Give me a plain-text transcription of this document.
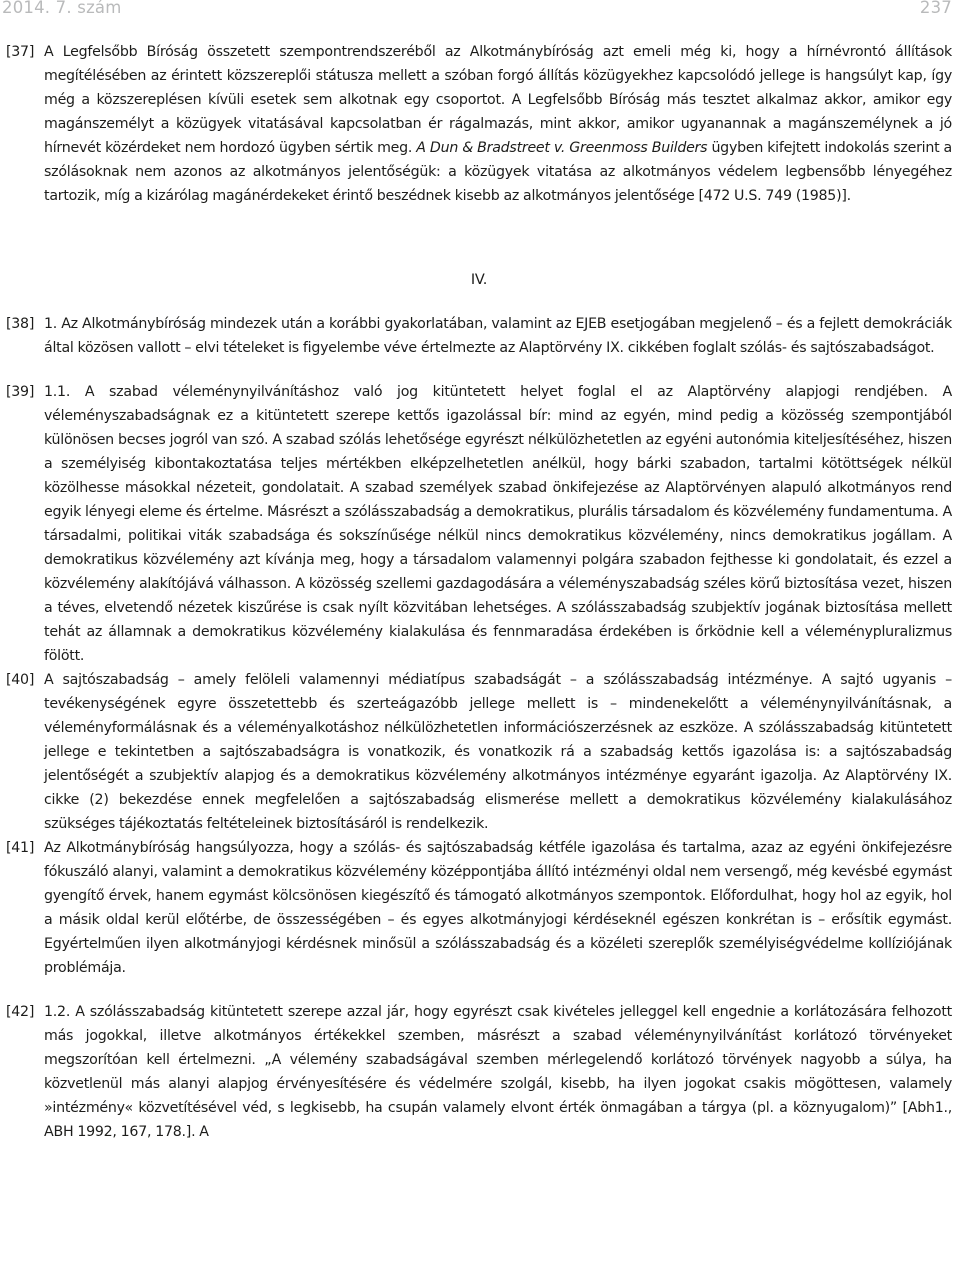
2014. 7. szám	237
[37] A Legfelsőbb Bíróság összetett szempontrendszeréből az Alkotmánybíróság azt emeli még ki, hogy a hírnévrontó állítások megítélésében az érintett közszereplői státusza mellett a szóban forgó állítás közügyekhez kapcsolódó jellege is hangsúlyt kap, így még a közszereplésen kívüli esetek sem alkotnak egy csoportot. A Legfelsőbb Bíróság más tesztet alkalmaz akkor, amikor egy magánszemélyt a közügyek vitatásával kapcsolatban ér rágalmazás, mint akkor, amikor ugyanannak a magánszemélynek a jó hírnevét közérdeket nem hordozó ügyben sértik meg. A Dun & Bradstreet v. Greenmoss Builders ügyben kifejtett indokolás szerint a szólásoknak nem azonos az alkotmányos jelentőségük: a közügyek vitatása az alkotmányos védelem legbensőbb lényegéhez tartozik, míg a kizárólag magánérdekeket érintő beszédnek kisebb az alkotmányos jelentősége [472 U.S. 749 (1985)].
IV.
[38] 1. Az Alkotmánybíróság mindezek után a korábbi gyakorlatában, valamint az EJEB esetjogában megjelenő – és a fejlett demokráciák által közösen vallott – elvi tételeket is figyelembe véve értelmezte az Alaptörvény IX. cikkében foglalt szólás- és sajtószabadságot.
[39] 1.1. A szabad véleménynyilvánításhoz való jog kitüntetett helyet foglal el az Alaptörvény alapjogi rendjében. A véleményszabadságnak ez a kitüntetett szerepe kettős igazolással bír: mind az egyén, mind pedig a közösség szempontjából különösen becses jogról van szó. A szabad szólás lehetősége egyrészt nélkülözhetetlen az egyéni autonómia kiteljesítéséhez, hiszen a személyiség kibontakoztatása teljes mértékben elképzelhetetlen anélkül, hogy bárki szabadon, tartalmi kötöttségek nélkül közölhesse másokkal nézeteit, gondolatait. A szabad személyek szabad önkifejezése az Alaptörvényen alapuló alkotmányos rend egyik lényegi eleme és értelme. Másrészt a szólásszabadság a demokratikus, plurális társadalom és közvélemény fundamentuma. A társadalmi, politikai viták szabadsága és sokszínűsége nélkül nincs demokratikus közvélemény, nincs demokratikus jogállam. A demokratikus közvélemény azt kívánja meg, hogy a társadalom valamennyi polgára szabadon fejthesse ki gondolatait, és ezzel a közvélemény alakítójává válhasson. A közösség szellemi gazdagodására a véleményszabadság széles körű biztosítása vezet, hiszen a téves, elvetendő nézetek kiszűrése is csak nyílt közvitában lehetséges. A szólásszabadság szubjektív jogának biztosítása mellett tehát az államnak a demokratikus közvélemény kialakulása és fennmaradása érdekében is őrködnie kell a véleménypluralizmus fölött.
[40] A sajtószabadság – amely felöleli valamennyi médiatípus szabadságát – a szólásszabadság intézménye. A sajtó ugyanis – tevékenységének egyre összetettebb és szerteágazóbb jellege mellett is – mindenekelőtt a véleménynyilvánításnak, a véleményformálásnak és a véleményalkotáshoz nélkülözhetetlen információszerzésnek az eszköze. A szólásszabadság kitüntetett jellege e tekintetben a sajtószabadságra is vonatkozik, és vonatkozik rá a szabadság kettős igazolása is: a sajtószabadság jelentőségét a szubjektív alapjog és a demokratikus közvélemény alkotmányos intézménye egyaránt igazolja. Az Alaptörvény IX. cikke (2) bekezdése ennek megfelelően a sajtószabadság elismerése mellett a demokratikus közvélemény kialakulásához szükséges tájékoztatás feltételeinek biztosításáról is rendelkezik.
[41] Az Alkotmánybíróság hangsúlyozza, hogy a szólás- és sajtószabadság kétféle igazolása és tartalma, azaz az egyéni önkifejezésre fókuszáló alanyi, valamint a demokratikus közvélemény középpontjába állító intézményi oldal nem versengő, még kevésbé egymást gyengítő érvek, hanem egymást kölcsönösen kiegészítő és támogató alkotmányos szempontok. Előfordulhat, hogy hol az egyik, hol a másik oldal kerül előtérbe, de összességében – és egyes alkotmányjogi kérdéseknél egészen konkrétan is – erősítik egymást. Egyértelműen ilyen alkotmányjogi kérdésnek minősül a szólásszabadság és a közéleti szereplők személyiségvédelme kollíziójának problémája.
[42] 1.2. A szólásszabadság kitüntetett szerepe azzal jár, hogy egyrészt csak kivételes jelleggel kell engednie a korlátozására felhozott más jogokkal, illetve alkotmányos értékekkel szemben, másrészt a szabad véleménynyilvánítást korlátozó törvényeket megszorítóan kell értelmezni. „A vélemény szabadságával szemben mérlegelendő korlátozó törvények nagyobb a súlya, ha közvetlenül más alanyi alapjog érvényesítésére és védelmére szolgál, kisebb, ha ilyen jogokat csakis mögöttesen, valamely »intézmény« közvetítésével véd, s legkisebb, ha csupán valamely elvont érték önmagában a tárgya (pl. a köznyugalom)” [Abh1., ABH 1992, 167, 178.]. A
